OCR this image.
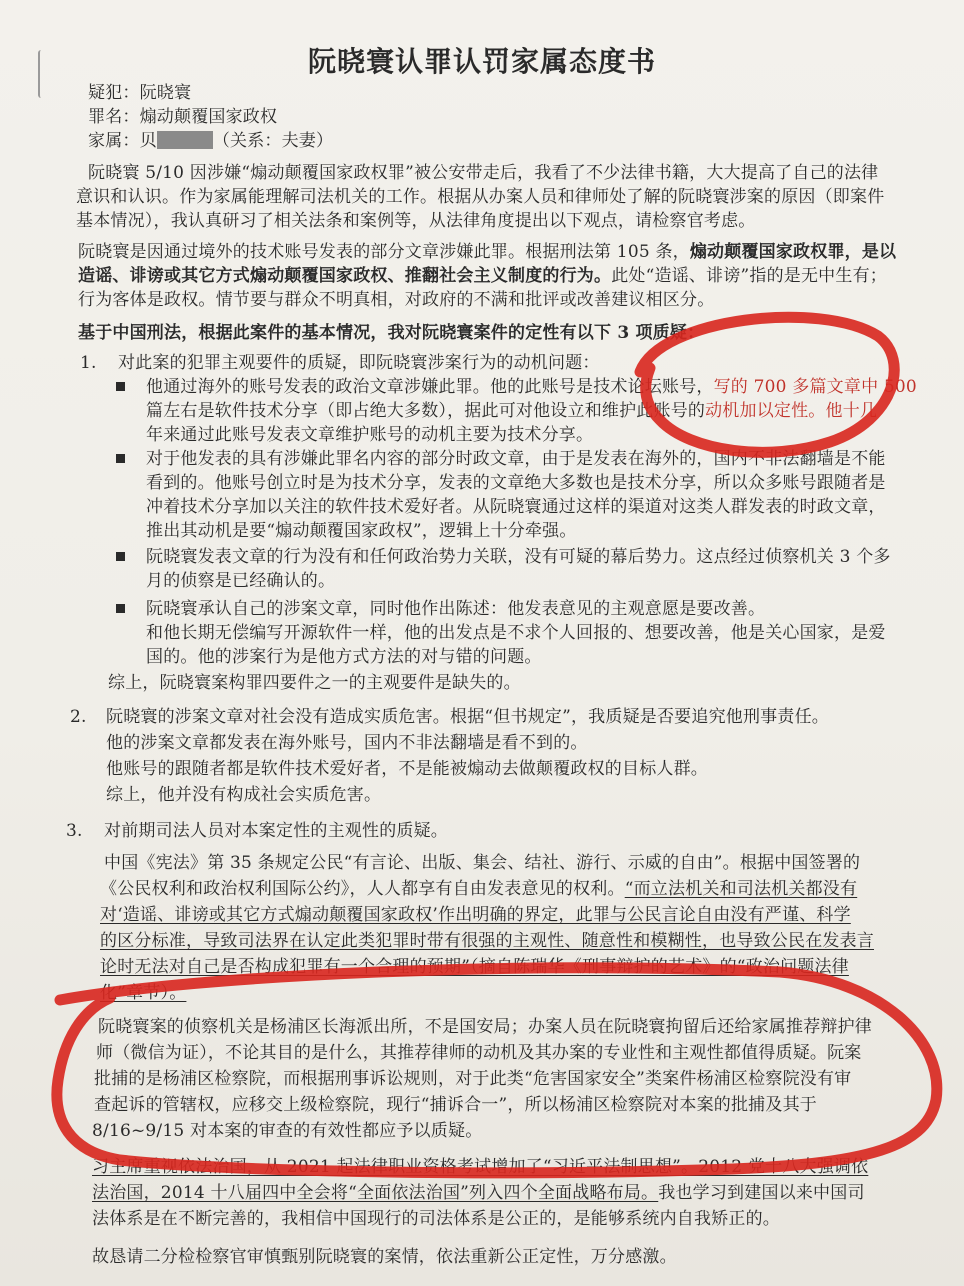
阮晓寰认罪认罚家属态度书
疑犯：阮晓寰
罪名：煽动颠覆国家政权
家属：贝	（关系：夫妻）
阮晓寰 5/10 因涉嫌“煽动颠覆国家政权罪”被公安带走后，我看了不少法律书籍，大大提高了自己的法律
意识和认识。作为家属能理解司法机关的工作。根据从办案人员和律师处了解的阮晓寰涉案的原因（即案件
基本情况），我认真研习了相关法条和案例等，从法律角度提出以下观点，请检察官考虑。
阮晓寰是因通过境外的技术账号发表的部分文章涉嫌此罪。根据刑法第 105 条，煽动颠覆国家政权罪，是以
造谣、诽谤或其它方式煽动颠覆国家政权、推翻社会主义制度的行为。此处“造谣、诽谤”指的是无中生有；
行为客体是政权。情节要与群众不明真相，对政府的不满和批评或改善建议相区分。
基于中国刑法，根据此案件的基本情况，我对阮晓寰案件的定性有以下 3 项质疑：
1. 对此案的犯罪主观要件的质疑，即阮晓寰涉案行为的动机问题：
他通过海外的账号发表的政治文章涉嫌此罪。他的此账号是技术论坛账号，写的 700 多篇文章中 500
篇左右是软件技术分享（即占绝大多数），据此可对他设立和维护此账号的动机加以定性。他十几
年来通过此账号发表文章维护账号的动机主要为技术分享。
对于他发表的具有涉嫌此罪名内容的部分时政文章，由于是发表在海外的，国内不非法翻墙是不能
看到的。他账号创立时是为技术分享，发表的文章绝大多数也是技术分享，所以众多账号跟随者是
冲着技术分享加以关注的软件技术爱好者。从阮晓寰通过这样的渠道对这类人群发表的时政文章，
推出其动机是要“煽动颠覆国家政权”，逻辑上十分牵强。
阮晓寰发表文章的行为没有和任何政治势力关联，没有可疑的幕后势力。这点经过侦察机关 3 个多
月的侦察是已经确认的。
阮晓寰承认自己的涉案文章，同时他作出陈述：他发表意见的主观意愿是要改善。
和他长期无偿编写开源软件一样，他的出发点是不求个人回报的、想要改善，他是关心国家，是爱
国的。他的涉案行为是他方式方法的对与错的问题。
综上，阮晓寰案构罪四要件之一的主观要件是缺失的。
2. 阮晓寰的涉案文章对社会没有造成实质危害。根据“但书规定”，我质疑是否要追究他刑事责任。
他的涉案文章都发表在海外账号，国内不非法翻墙是看不到的。
他账号的跟随者都是软件技术爱好者，不是能被煽动去做颠覆政权的目标人群。
综上，他并没有构成社会实质危害。
3. 对前期司法人员对本案定性的主观性的质疑。
中国《宪法》第 35 条规定公民“有言论、出版、集会、结社、游行、示威的自由”。根据中国签署的
《公民权利和政治权利国际公约》，人人都享有自由发表意见的权利。“而立法机关和司法机关都没有
对‘造谣、诽谤或其它方式煽动颠覆国家政权’作出明确的界定，此罪与公民言论自由没有严谨、科学
的区分标准，导致司法界在认定此类犯罪时带有很强的主观性、随意性和模糊性，也导致公民在发表言
论时无法对自己是否构成犯罪有一个合理的预期”（摘自陈瑞华《刑事辩护的艺术》的“政治问题法律
化”章节）。
阮晓寰案的侦察机关是杨浦区长海派出所，不是国安局；办案人员在阮晓寰拘留后还给家属推荐辩护律
师（微信为证），不论其目的是什么，其推荐律师的动机及其办案的专业性和主观性都值得质疑。阮案
批捕的是杨浦区检察院，而根据刑事诉讼规则，对于此类“危害国家安全”类案件杨浦区检察院没有审
查起诉的管辖权，应移交上级检察院，现行“捕诉合一”，所以杨浦区检察院对本案的批捕及其于
8/16~9/15 对本案的审查的有效性都应予以质疑。
习主席重视依法治国，从 2021 起法律职业资格考试增加了“习近平法制思想”。2012 党十八大强调依
法治国，2014 十八届四中全会将“全面依法治国”列入四个全面战略布局。我也学习到建国以来中国司
法体系是在不断完善的，我相信中国现行的司法体系是公正的，是能够系统内自我矫正的。
故恳请二分检检察官审慎甄别阮晓寰的案情，依法重新公正定性，万分感激。
